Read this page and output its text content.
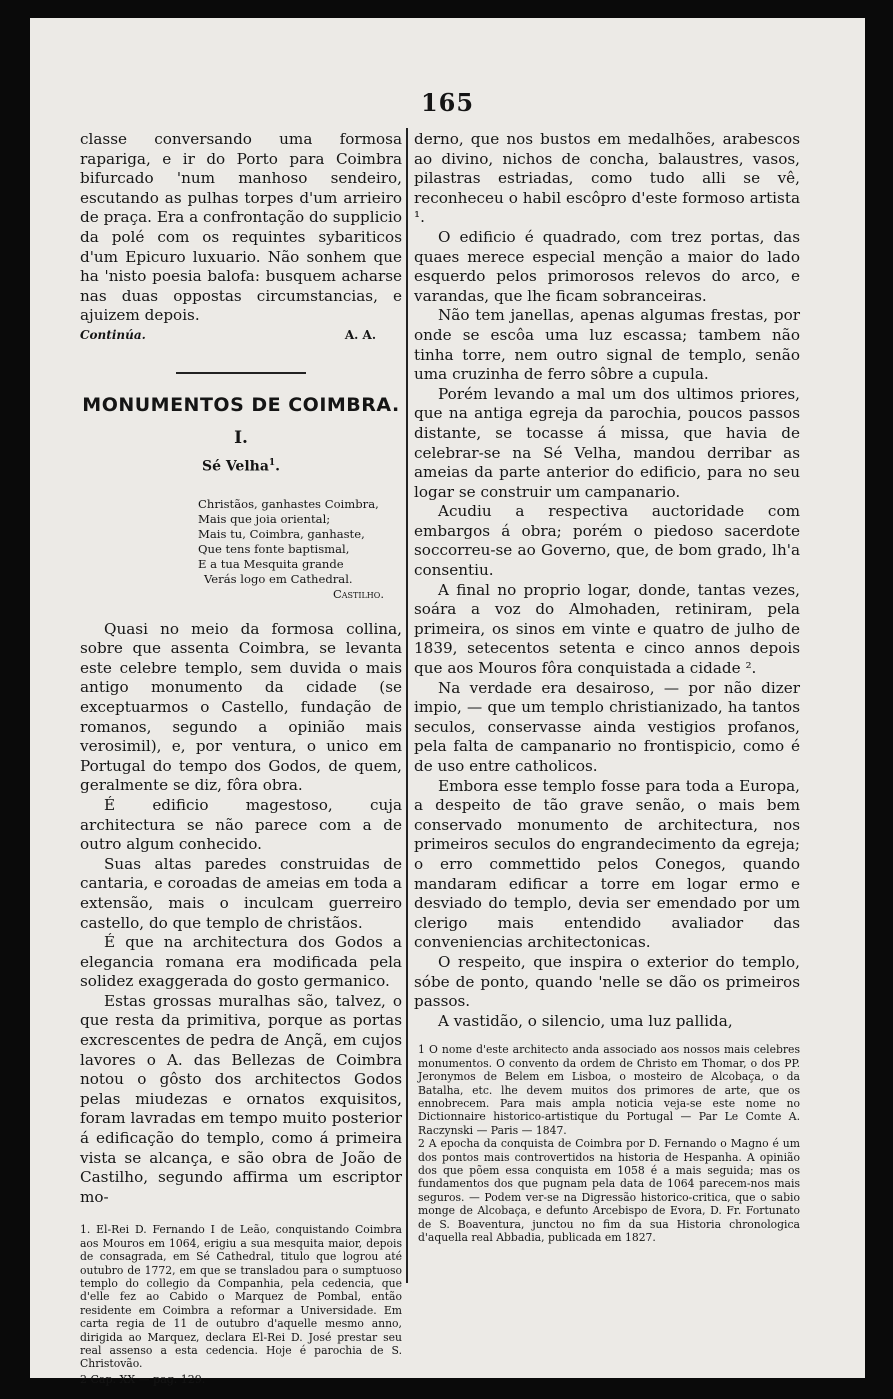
165

classe conversando uma formosa rapariga, e ir do Porto para Coimbra bifurcado 'num manhoso sendeiro, escutando as pulhas torpes d'um arrieiro de praça. Era a confrontação do supplicio da polé com os requintes sybariticos d'um Epicuro luxuario. Não sonhem que ha 'nisto poesia balofa: busquem acharse nas duas oppostas circumstancias, e ajuizem depois.

Continúa.	A. A.
MONUMENTOS DE COIMBRA.
I.
Sé Velha$^1$.
Christãos, ganhastes Coimbra,
Mais que joia oriental;
Mais tu, Coimbra, ganhaste,
Que tens fonte baptismal,
E a tua Mesquita grande
Verás logo em Cathedral.
Castilho.

Quasi no meio da formosa collina, sobre que assenta Coimbra, se levanta este celebre templo, sem duvida o mais antigo monumento da cidade (se exceptuarmos o Castello, fundação de romanos, segundo a opinião mais verosimil), e, por ventura, o unico em Portugal do tempo dos Godos, de quem, geralmente se diz, fôra obra.

É edificio magestoso, cuja architectura se não parece com a de outro algum conhecido.

Suas altas paredes construidas de cantaria, e coroadas de ameias em toda a extensão, mais o inculcam guerreiro castello, do que templo de christãos.

É que na architectura dos Godos a elegancia romana era modificada pela solidez exaggerada do gosto germanico.

Estas grossas muralhas são, talvez, o que resta da primitiva, porque as portas excrescentes de pedra de Ançã, em cujos lavores o A. das Bellezas de Coimbra notou o gôsto dos architectos Godos pelas miudezas e ornatos exquisitos, foram lavradas em tempo muito posterior á edificação do templo, como á primeira vista se alcança, e são obra de João de Castilho, segundo affirma um escriptor mo-

1. El-Rei D. Fernando I de Leão, conquistando Coimbra aos Mouros em 1064, erigiu a sua mesquita maior, depois de consagrada, em Sé Cathedral, titulo que logrou até outubro de 1772, em que se transladou para o sumptuoso templo do collegio da Companhia, pela cedencia, que d'elle fez ao Cabido o Marquez de Pombal, então residente em Coimbra a reformar a Universidade. Em carta regia de 11 de outubro d'aquelle mesmo anno, dirigida ao Marquez, declara El-Rei D. José prestar seu real assenso a esta cedencia. Hoje é parochia de S. Christovão.

2 Cap. XX — pag. 129.

derno, que nos bustos em medalhões, arabescos ao divino, nichos de concha, balaustres, vasos, pilastras estriadas, como tudo alli se vê, reconheceu o habil escôpro d'este formoso artista ¹.

O edificio é quadrado, com trez portas, das quaes merece especial menção a maior do lado esquerdo pelos primorosos relevos do arco, e varandas, que lhe ficam sobranceiras.

Não tem janellas, apenas algumas frestas, por onde se escôa uma luz escassa; tambem não tinha torre, nem outro signal de templo, senão uma cruzinha de ferro sôbre a cupula.

Porém levando a mal um dos ultimos priores, que na antiga egreja da parochia, poucos passos distante, se tocasse á missa, que havia de celebrar-se na Sé Velha, mandou derribar as ameias da parte anterior do edificio, para no seu logar se construir um campanario.

Acudiu a respectiva auctoridade com embargos á obra; porém o piedoso sacerdote soccorreu-se ao Governo, que, de bom grado, lh'a consentiu.

A final no proprio logar, donde, tantas vezes, soára a voz do Almohaden, retiniram, pela primeira, os sinos em vinte e quatro de julho de 1839, setecentos setenta e cinco annos depois que aos Mouros fôra conquistada a cidade ².

Na verdade era desairoso, — por não dizer impio, — que um templo christianizado, ha tantos seculos, conservasse ainda vestigios profanos, pela falta de campanario no frontispicio, como é de uso entre catholicos.

Embora esse templo fosse para toda a Europa, a despeito de tão grave senão, o mais bem conservado monumento de architectura, nos primeiros seculos do engrandecimento da egreja; o erro commettido pelos Conegos, quando mandaram edificar a torre em logar ermo e desviado do templo, devia ser emendado por um clerigo mais entendido avaliador das conveniencias architectonicas.

O respeito, que inspira o exterior do templo, sóbe de ponto, quando 'nelle se dão os primeiros passos.

A vastidão, o silencio, uma luz pallida,

1 O nome d'este architecto anda associado aos nossos mais celebres monumentos. O convento da ordem de Christo em Thomar, o dos PP. Jeronymos de Belem em Lisboa, o mosteiro de Alcobaça, o da Batalha, etc. lhe devem muitos dos primores de arte, que os ennobrecem. Para mais ampla noticia veja-se este nome no Dictionnaire historico-artistique du Portugal — Par Le Comte A. Raczynski — Paris — 1847.

2 A epocha da conquista de Coimbra por D. Fernando o Magno é um dos pontos mais controvertidos na historia de Hespanha. A opinião dos que põem essa conquista em 1058 é a mais seguida; mas os fundamentos dos que pugnam pela data de 1064 parecem-nos mais seguros. — Podem ver-se na Digressão historico-critica, que o sabio monge de Alcobaça, e defunto Arcebispo de Evora, D. Fr. Fortunato de S. Boaventura, junctou no fim da sua Historia chronologica d'aquella real Abbadia, publicada em 1827.
